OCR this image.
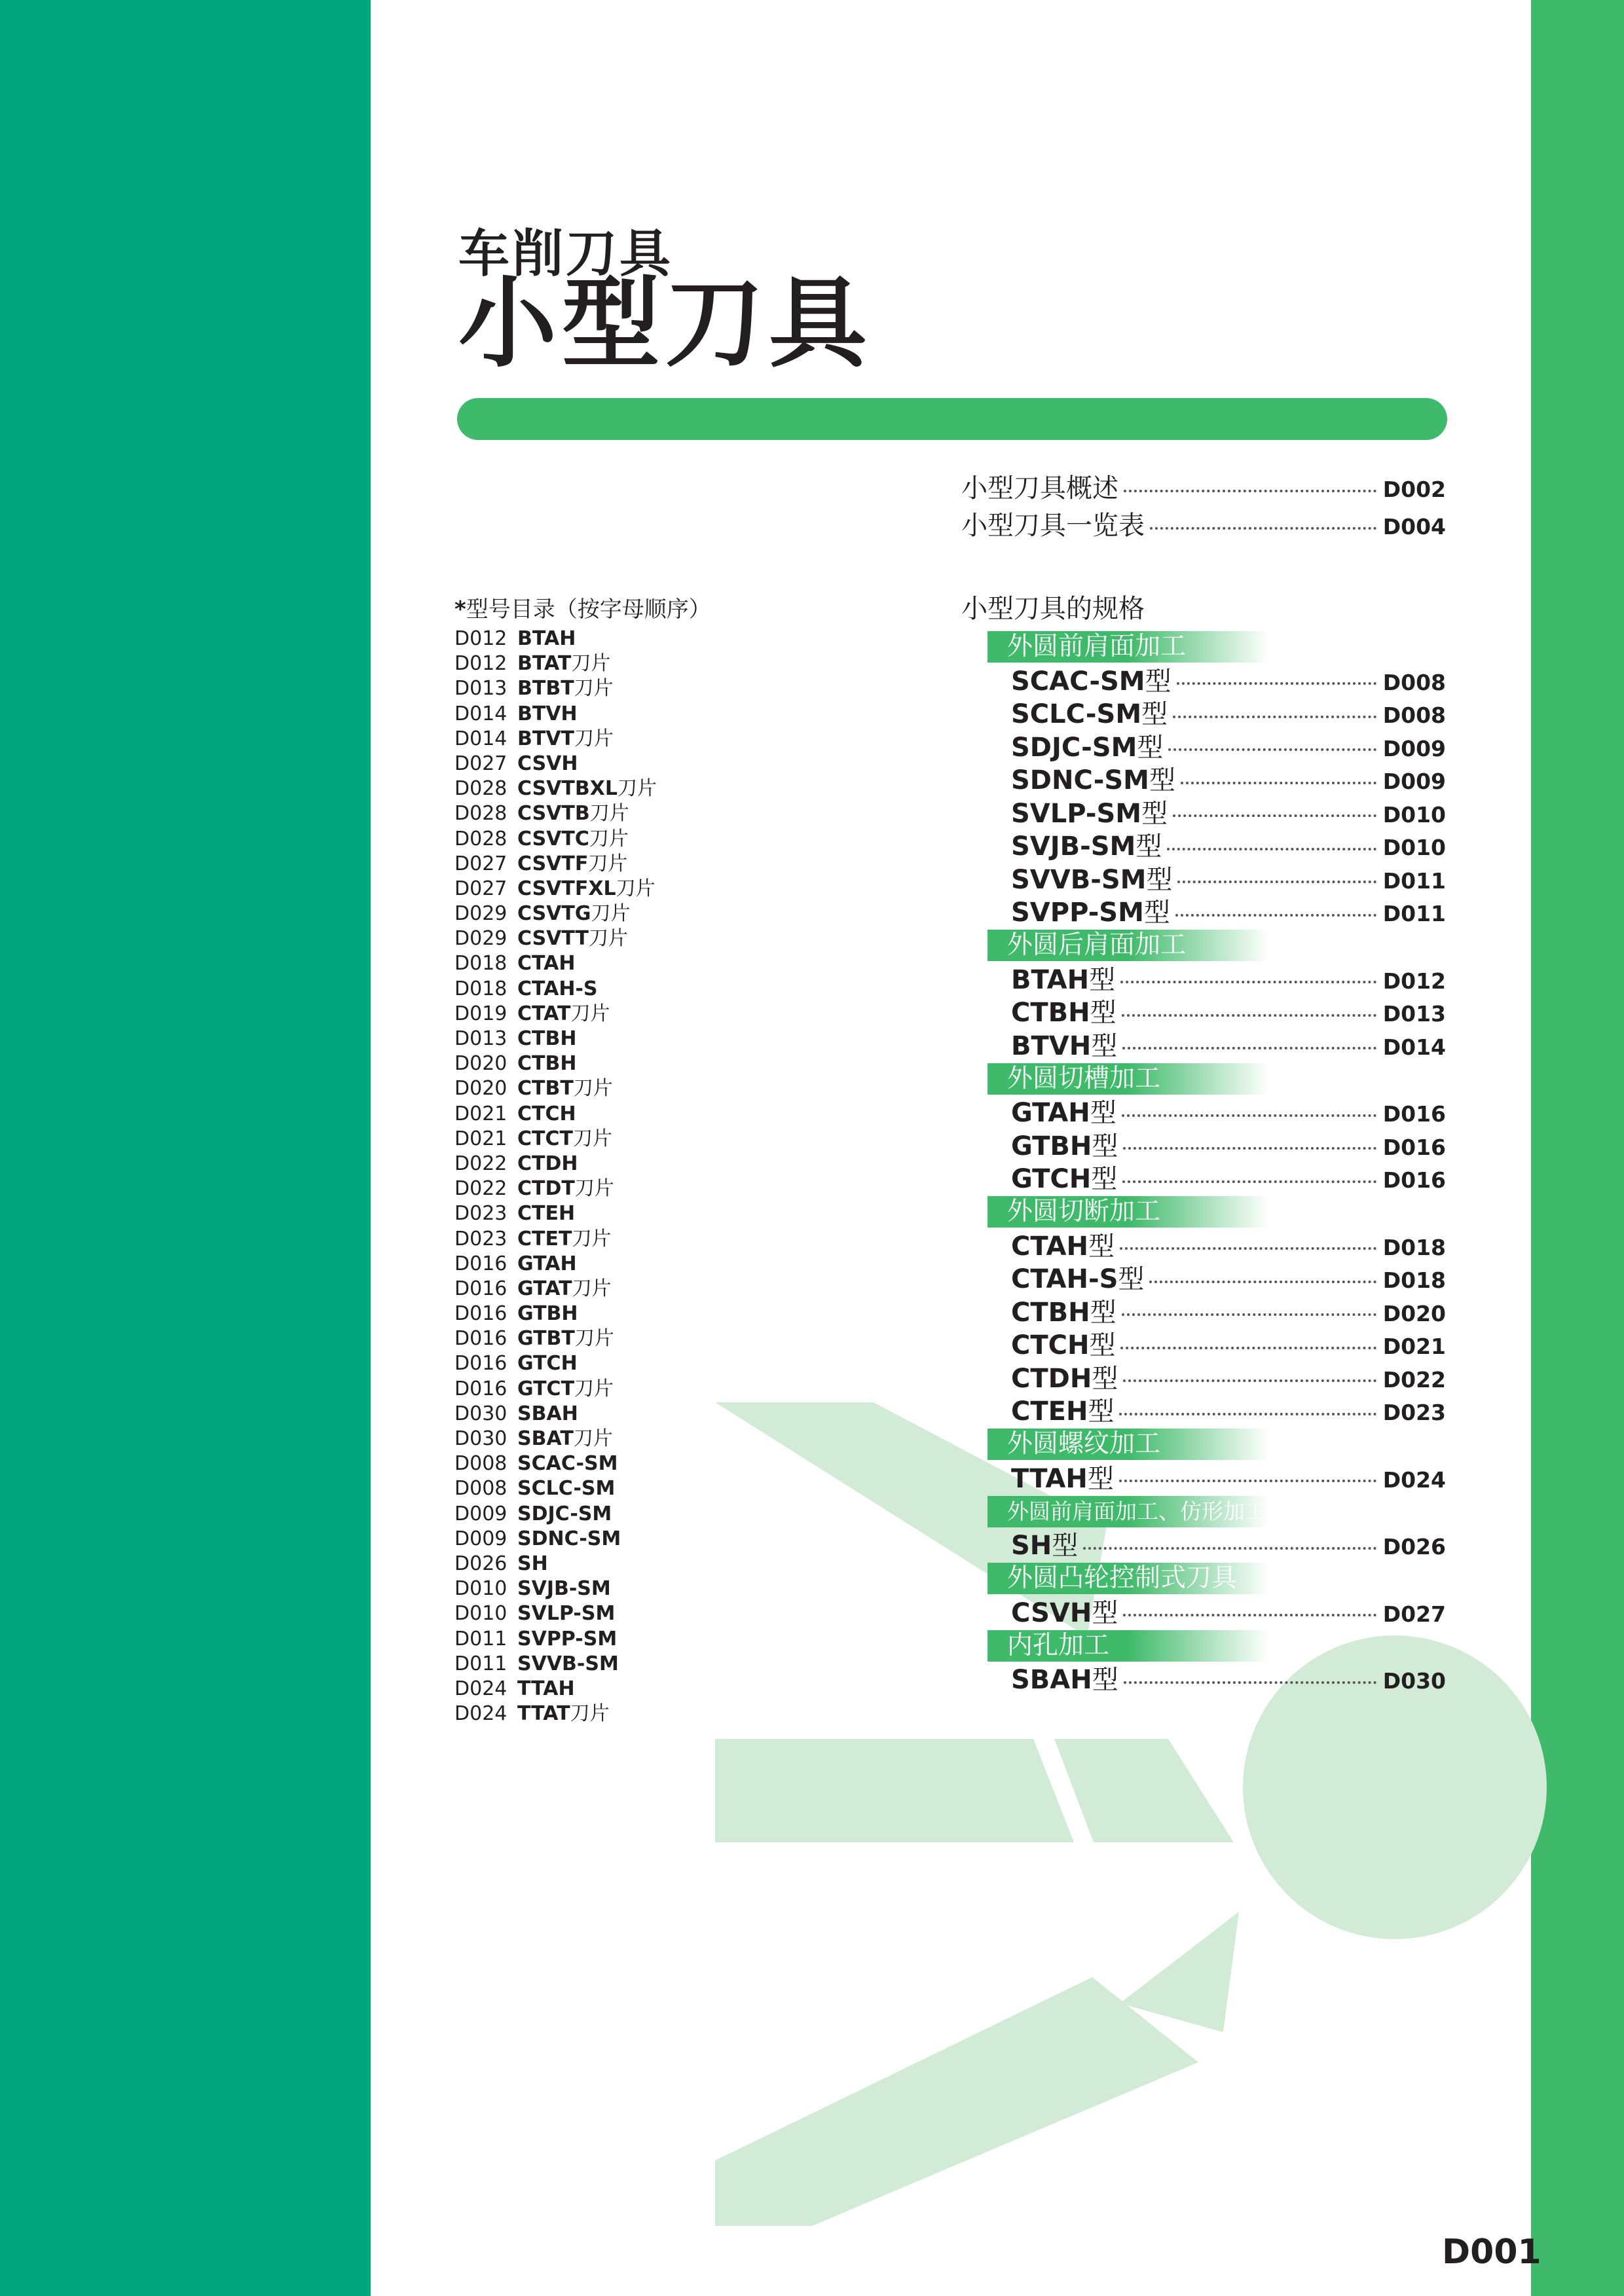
车削刀具
小型刀具
*型号目录（按字母顺序）
D012 BTAH
D012 BTAT刀片
D013 BTBT刀片
D014 BTVH
D014 BTVT刀片
D027 CSVH
D028 CSVTBXL刀片
D028 CSVTB刀片
D028 CSVTC刀片
D027 CSVTF刀片
D027 CSVTFXL刀片
D029 CSVTG刀片
D029 CSVTT刀片
D018 CTAH
D018 CTAH-S
D019 CTAT刀片
D013 CTBH
D020 CTBH
D020 CTBT刀片
D021 CTCH
D021 CTCT刀片
D022 CTDH
D022 CTDT刀片
D023 CTEH
D023 CTET刀片
D016 GTAH
D016 GTAT刀片
D016 GTBH
D016 GTBT刀片
D016 GTCH
D016 GTCT刀片
D030 SBAH
D030 SBAT刀片
D008 SCAC-SM
D008 SCLC-SM
D009 SDJC-SM
D009 SDNC-SM
D026 SH
D010 SVJB-SM
D010 SVLP-SM
D011 SVPP-SM
D011 SVVB-SM
D024 TTAH
D024 TTAT刀片
小型刀具概述	D002
小型刀具一览表	D004
小型刀具的规格
外圆前肩面加工
SCAC-SM型	D008
SCLC-SM型	D008
SDJC-SM型	D009
SDNC-SM型	D009
SVLP-SM型	D010
SVJB-SM型	D010
SVVB-SM型	D011
SVPP-SM型	D011
外圆后肩面加工
BTAH型	D012
CTBH型	D013
BTVH型	D014
外圆切槽加工
GTAH型	D016
GTBH型	D016
GTCH型	D016
外圆切断加工
CTAH型	D018
CTAH-S型	D018
CTBH型	D020
CTCH型	D021
CTDH型	D022
CTEH型	D023
外圆螺纹加工
TTAH型	D024
外圆前肩面加工、仿形加工、端面加工
SH型	D026
外圆凸轮控制式刀具
CSVH型	D027
内孔加工
SBAH型	D030
D001
